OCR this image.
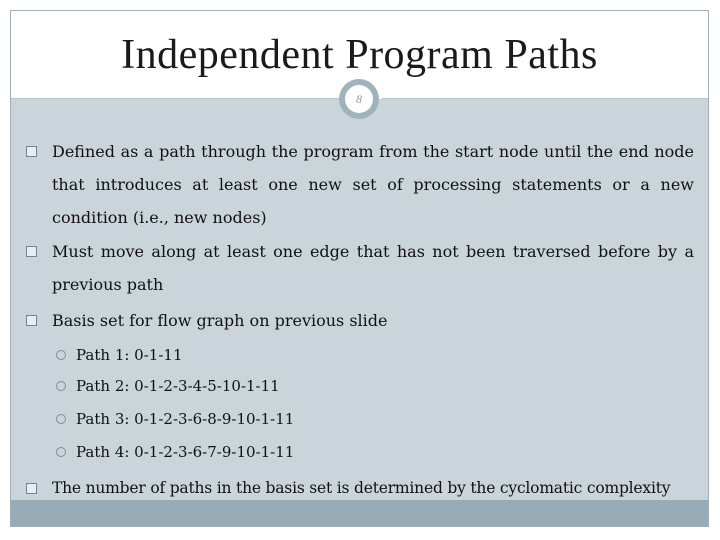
Independent Program Paths
8
Defined as a path through the program from the start node until the end node that introduces at least one new set of processing statements or a new condition (i.e., new nodes)
Must move along at least one edge that has not been traversed before by a previous path
Basis set for flow graph on previous slide
Path 1: 0-1-11
Path 2: 0-1-2-3-4-5-10-1-11
Path 3: 0-1-2-3-6-8-9-10-1-11
Path 4: 0-1-2-3-6-7-9-10-1-11
The number of paths in the basis set is determined by the cyclomatic complexity
